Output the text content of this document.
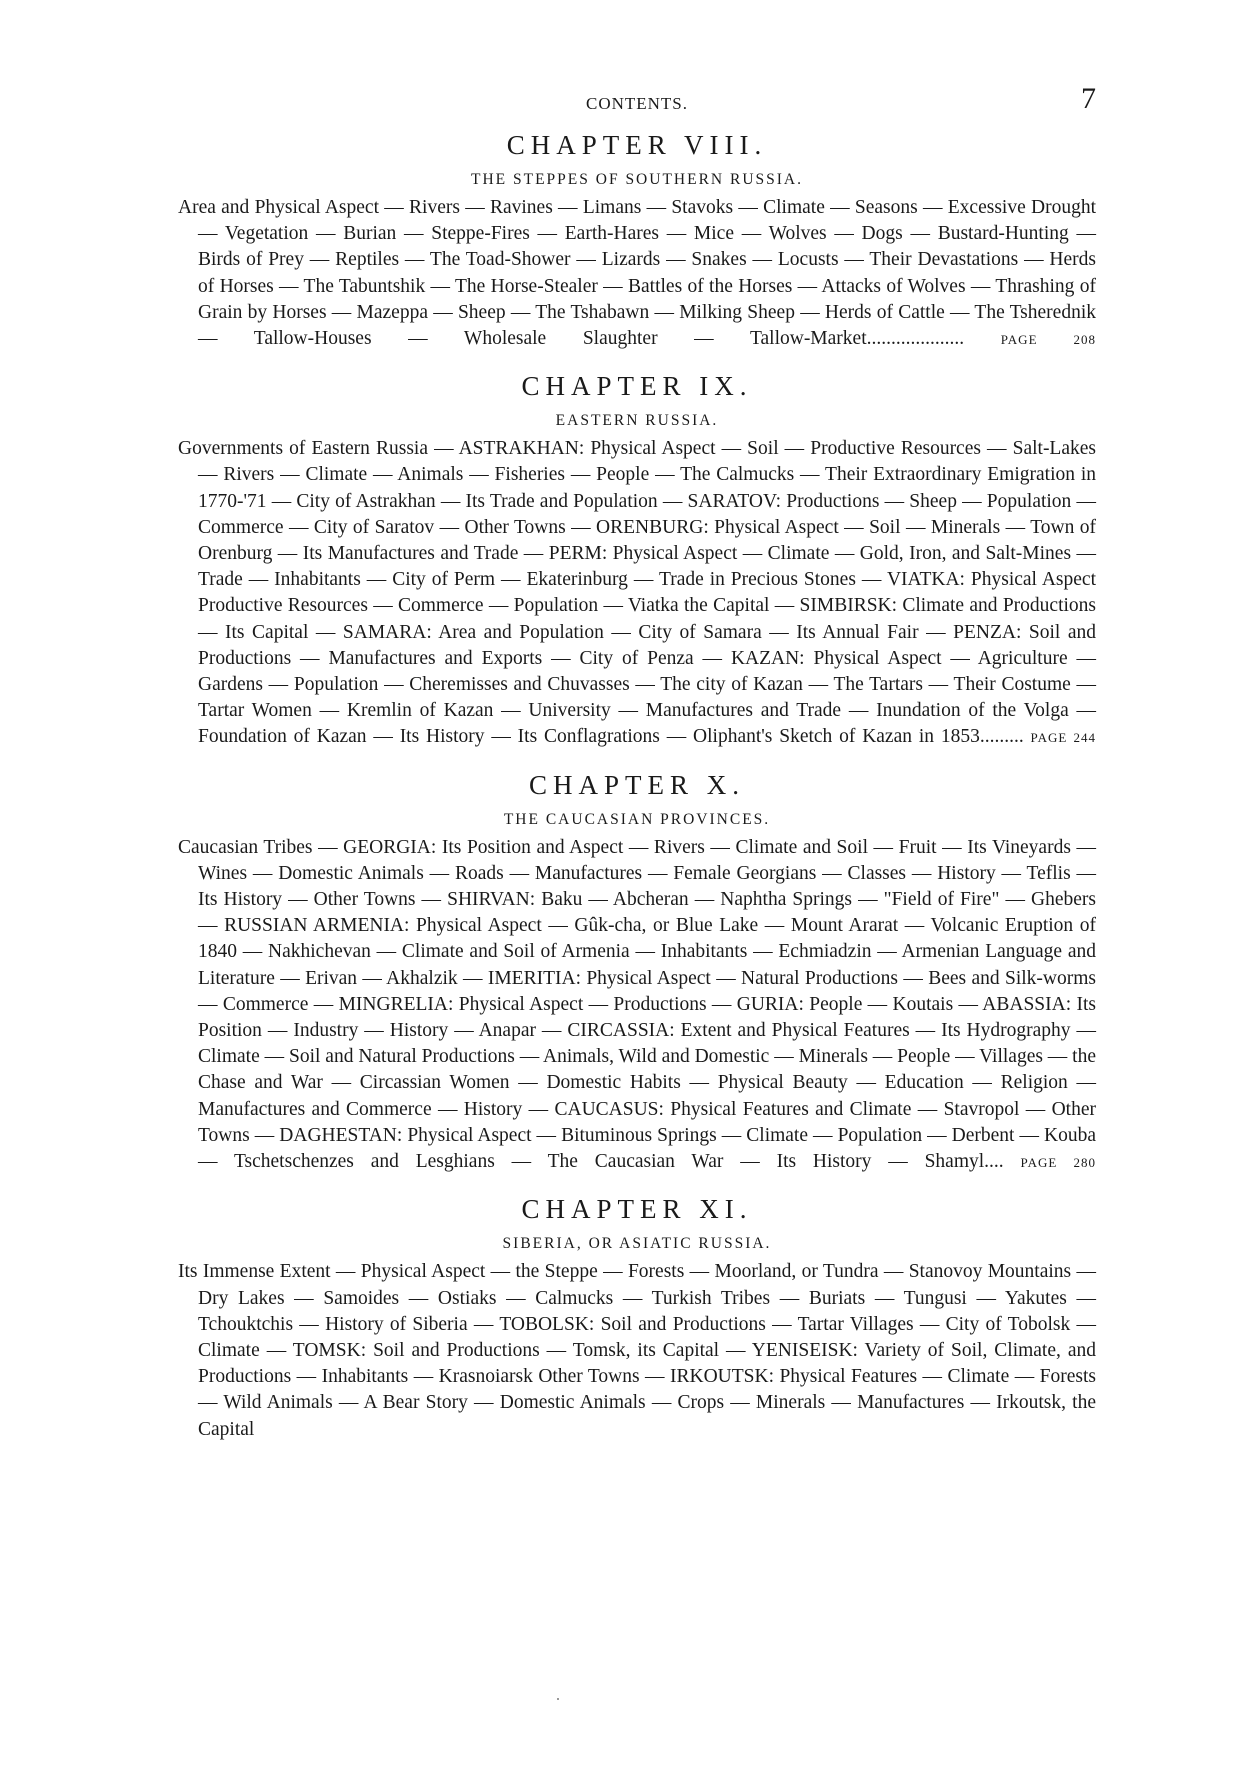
CONTENTS.	7
CHAPTER VIII.
THE STEPPES OF SOUTHERN RUSSIA.

Area and Physical Aspect — Rivers — Ravines — Limans — Stavoks — Climate — Seasons — Excessive Drought — Vegetation — Burian — Steppe-Fires — Earth-Hares — Mice — Wolves — Dogs — Bustard-Hunting — Birds of Prey — Reptiles — The Toad-Shower — Lizards — Snakes — Locusts — Their Devastations — Herds of Horses — The Tabuntshik — The Horse-Stealer — Battles of the Horses — Attacks of Wolves — Thrashing of Grain by Horses — Mazeppa — Sheep — The Tshabawn — Milking Sheep — Herds of Cattle — The Tsherednik — Tallow-Houses — Wholesale Slaughter — Tallow-Market....................	PAGE 208

CHAPTER IX.
EASTERN RUSSIA.

Governments of Eastern Russia — ASTRAKHAN: Physical Aspect — Soil — Productive Resources — Salt-Lakes — Rivers — Climate — Animals — Fisheries — People — The Calmucks — Their Extraordinary Emigration in 1770-'71 — City of Astrakhan — Its Trade and Population — SARATOV: Productions — Sheep — Population — Commerce — City of Saratov — Other Towns — ORENBURG: Physical Aspect — Soil — Minerals — Town of Orenburg — Its Manufactures and Trade — PERM: Physical Aspect — Climate — Gold, Iron, and Salt-Mines — Trade — Inhabitants — City of Perm — Ekaterinburg — Trade in Precious Stones — VIATKA: Physical Aspect Productive Resources — Commerce — Population — Viatka the Capital — SIMBIRSK: Climate and Productions — Its Capital — SAMARA: Area and Population — City of Samara — Its Annual Fair — PENZA: Soil and Productions — Manufactures and Exports — City of Penza — KAZAN: Physical Aspect — Agriculture — Gardens — Population — Cheremisses and Chuvasses — The city of Kazan — The Tartars — Their Costume — Tartar Women — Kremlin of Kazan — University — Manufactures and Trade — Inundation of the Volga — Foundation of Kazan — Its History — Its Conflagrations — Oliphant's Sketch of Kazan in 1853......... PAGE 244

CHAPTER X.
THE CAUCASIAN PROVINCES.

Caucasian Tribes — GEORGIA: Its Position and Aspect — Rivers — Climate and Soil — Fruit — Its Vineyards — Wines — Domestic Animals — Roads — Manufactures — Female Georgians — Classes — History — Teflis — Its History — Other Towns — SHIRVAN: Baku — Abcheran — Naphtha Springs — "Field of Fire" — Ghebers — RUSSIAN ARMENIA: Physical Aspect — Gûk-cha, or Blue Lake — Mount Ararat — Volcanic Eruption of 1840 — Nakhichevan — Climate and Soil of Armenia — Inhabitants — Echmiadzin — Armenian Language and Literature — Erivan — Akhalzik — IMERITIA: Physical Aspect — Natural Productions — Bees and Silk-worms — Commerce — MINGRELIA: Physical Aspect — Productions — GURIA: People — Koutais — ABASSIA: Its Position — Industry — History — Anapar — CIRCASSIA: Extent and Physical Features — Its Hydrography — Climate — Soil and Natural Productions — Animals, Wild and Domestic — Minerals — People — Villages — the Chase and War — Circassian Women — Domestic Habits — Physical Beauty — Education — Religion — Manufactures and Commerce — History — CAUCASUS: Physical Features and Climate — Stavropol — Other Towns — DAGHESTAN: Physical Aspect — Bituminous Springs — Climate — Population — Derbent — Kouba — Tschetschenzes and Lesghians — The Caucasian War — Its History — Shamyl.... PAGE 280

CHAPTER XI.
SIBERIA, OR ASIATIC RUSSIA.

Its Immense Extent — Physical Aspect — the Steppe — Forests — Moorland, or Tundra — Stanovoy Mountains — Dry Lakes — Samoides — Ostiaks — Calmucks — Turkish Tribes — Buriats — Tungusi — Yakutes — Tchouktchis — History of Siberia — TOBOLSK: Soil and Productions — Tartar Villages — City of Tobolsk — Climate — TOMSK: Soil and Productions — Tomsk, its Capital — YENISEISK: Variety of Soil, Climate, and Productions — Inhabitants — Krasnoiarsk Other Towns — IRKOUTSK: Physical Features — Climate — Forests — Wild Animals — A Bear Story — Domestic Animals — Crops — Minerals — Manufactures — Irkoutsk, the Capital
